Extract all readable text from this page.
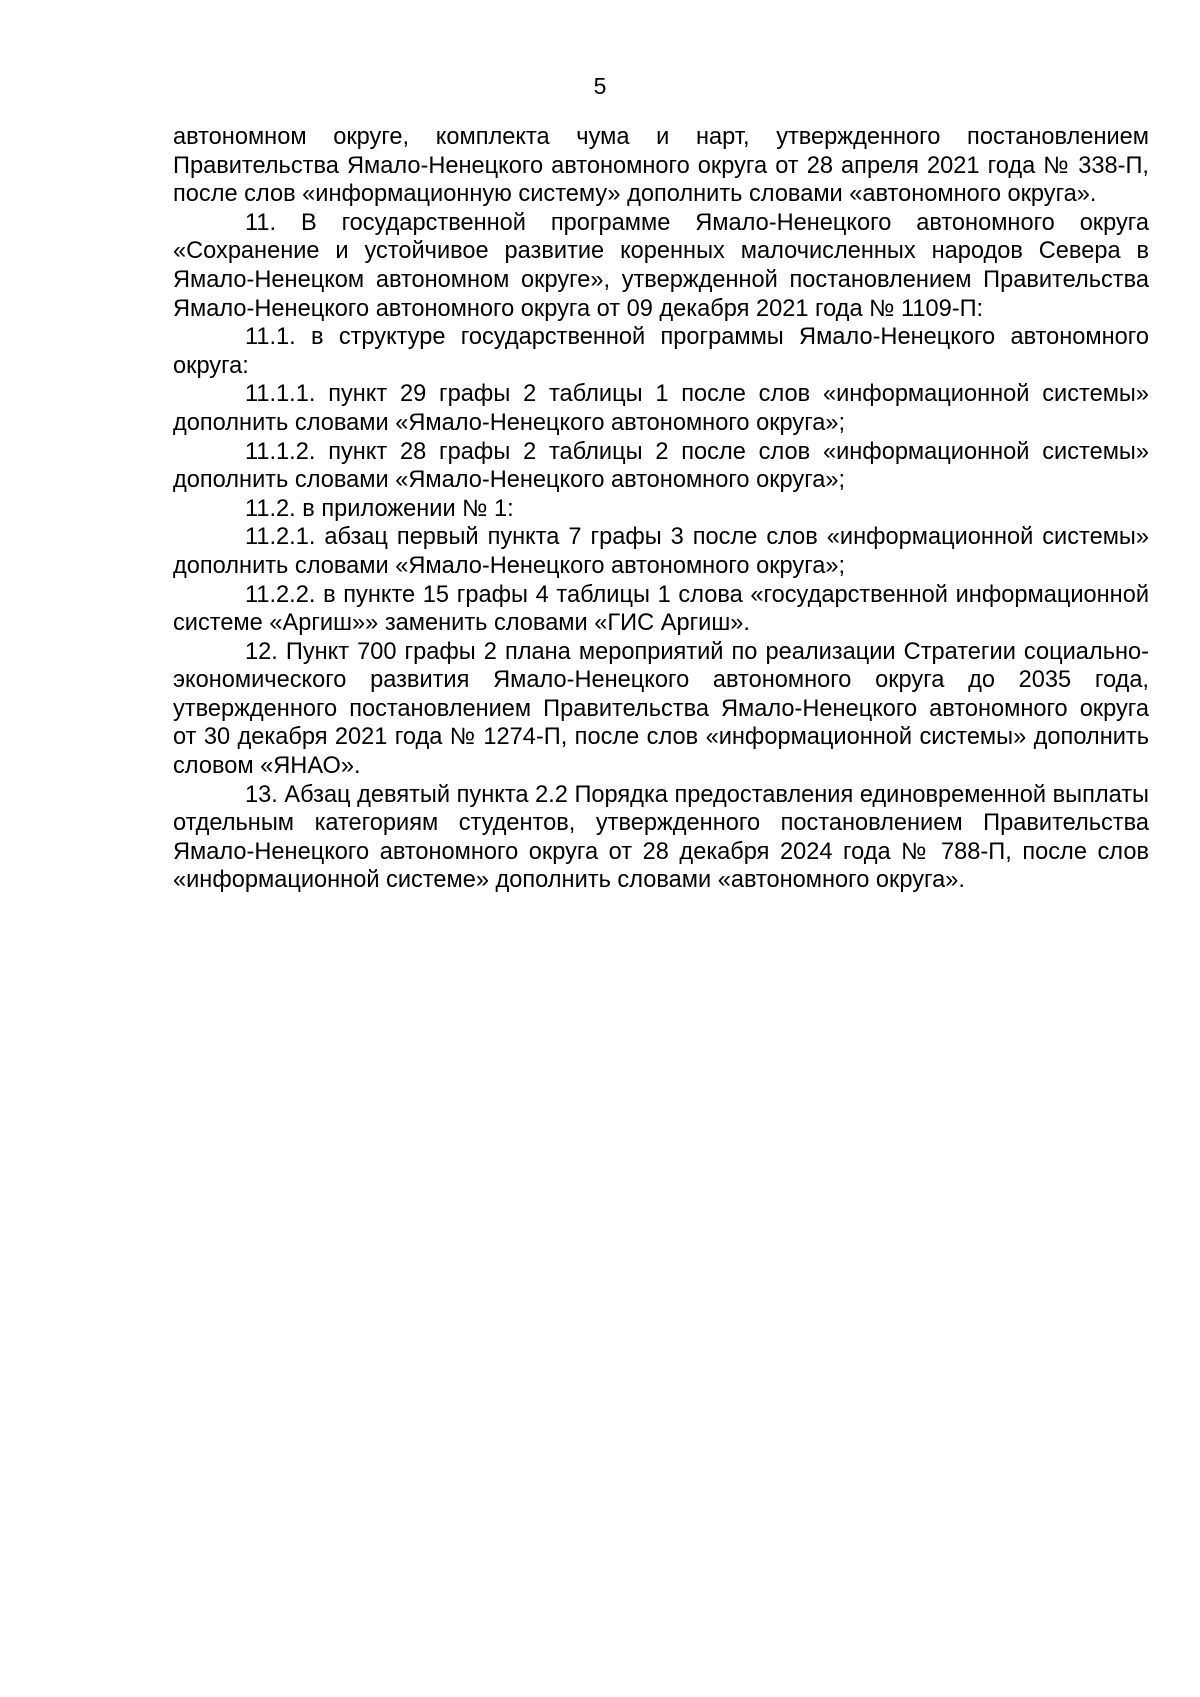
5

автономном округе, комплекта чума и нарт, утвержденного постановлением Правительства Ямало-Ненецкого автономного округа от 28 апреля 2021 года № 338-П, после слов «информационную систему» дополнить словами «автономного округа».

11. В государственной программе Ямало-Ненецкого автономного округа «Сохранение и устойчивое развитие коренных малочисленных народов Севера в Ямало-Ненецком автономном округе», утвержденной постановлением Правительства Ямало-Ненецкого автономного округа от 09 декабря 2021 года № 1109-П:

11.1. в структуре государственной программы Ямало-Ненецкого автономного округа:

11.1.1. пункт 29 графы 2 таблицы 1 после слов «информационной системы» дополнить словами «Ямало-Ненецкого автономного округа»;

11.1.2. пункт 28 графы 2 таблицы 2 после слов «информационной системы» дополнить словами «Ямало-Ненецкого автономного округа»;

11.2. в приложении № 1:

11.2.1. абзац первый пункта 7 графы 3 после слов «информационной системы» дополнить словами «Ямало-Ненецкого автономного округа»;

11.2.2. в пункте 15 графы 4 таблицы 1 слова «государственной информационной системе «Аргиш»» заменить словами «ГИС Аргиш».

12. Пункт 700 графы 2 плана мероприятий по реализации Стратегии социально-экономического развития Ямало-Ненецкого автономного округа до 2035 года, утвержденного постановлением Правительства Ямало-Ненецкого автономного округа от 30 декабря 2021 года № 1274-П, после слов «информационной системы» дополнить словом «ЯНАО».

13. Абзац девятый пункта 2.2 Порядка предоставления единовременной выплаты отдельным категориям студентов, утвержденного постановлением Правительства Ямало-Ненецкого автономного округа от 28 декабря 2024 года № 788-П, после слов «информационной системе» дополнить словами «автономного округа».
